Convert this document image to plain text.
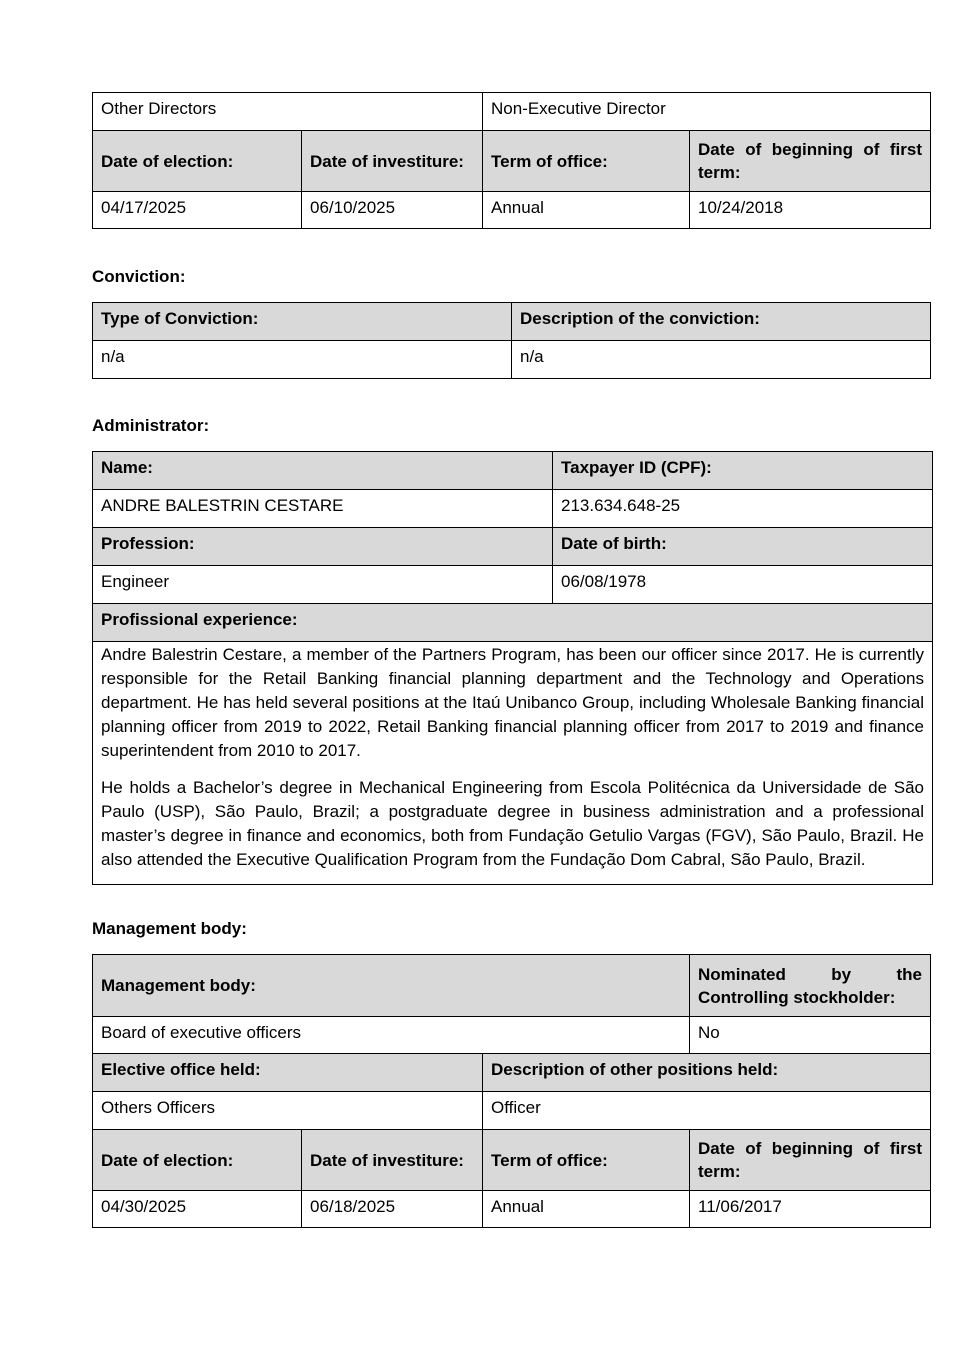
Other Directors		Non-Executive Director	
Date of election:	Date of investiture:	Term of office:	Date of beginning of first
term:

04/17/2025	06/10/2025	Annual	10/24/2018

Conviction:

Type of Conviction:	Description of the conviction:
n/a	n/a

Administrator:

Name:	Taxpayer ID (CPF):
ANDRE BALESTRIN CESTARE	213.634.648-25
Profession:	Date of birth:
Engineer	06/08/1978
Profissional experience:	

Andre Balestrin Cestare, a member of the Partners Program, has been our officer since 2017. He is currently responsible for the Retail Banking financial planning department and the Technology and Operations department. He has held several positions at the Itaú Unibanco Group, including Wholesale Banking financial planning officer from 2019 to 2022, Retail Banking financial planning officer from 2017 to 2019 and finance superintendent from 2010 to 2017.

He holds a Bachelor’s degree in Mechanical Engineering from Escola Politécnica da Universidade de São Paulo (USP), São Paulo, Brazil; a postgraduate degree in business administration and a professional master’s degree in finance and economics, both from Fundação Getulio Vargas (FGV), São Paulo, Brazil. He also attended the Executive Qualification Program from the Fundação Dom Cabral, São Paulo, Brazil.	

Management body:

Management body:			Nominated by the
Controlling stockholder:

Board of executive officers			No
Elective office held:		Description of other positions held:	
Others Officers		Officer	
Date of election:	Date of investiture:	Term of office:	Date of beginning of first
term:

04/30/2025	06/18/2025	Annual	11/06/2017
